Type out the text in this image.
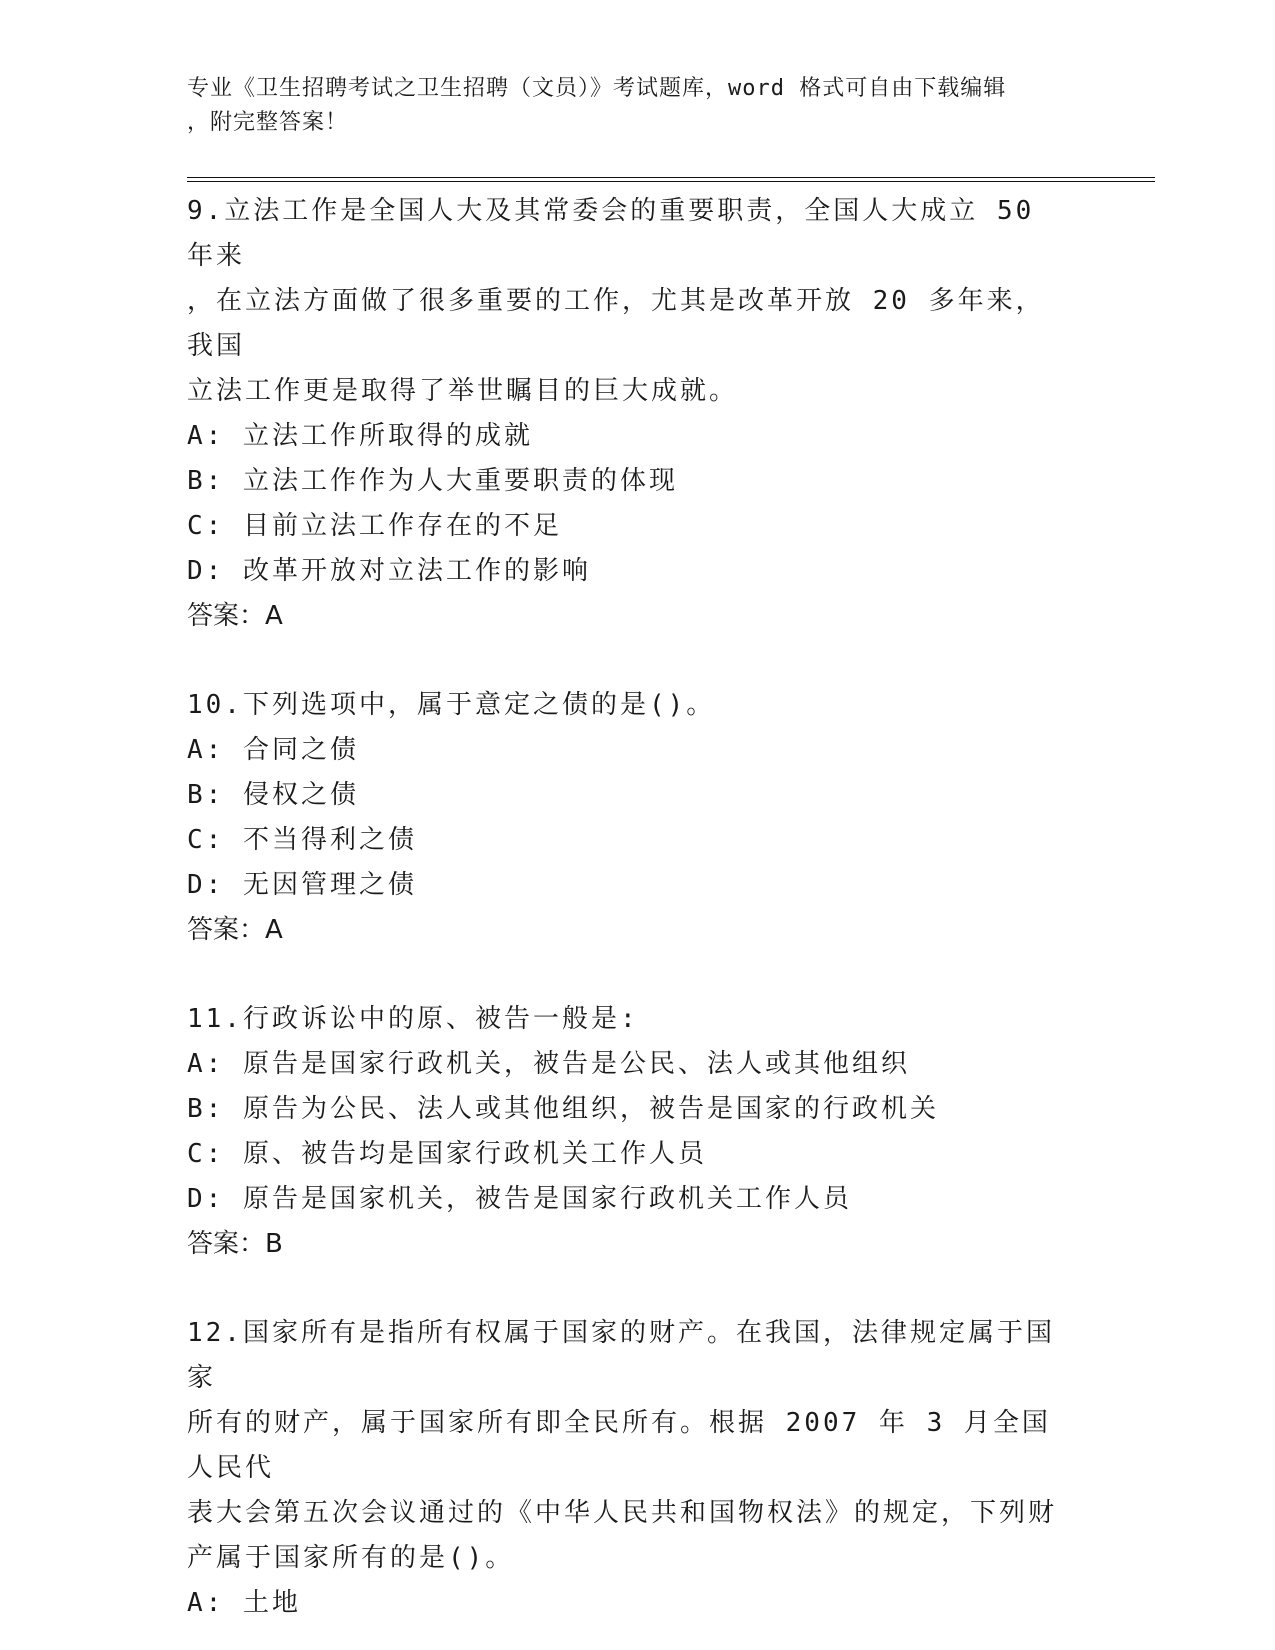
专业《卫生招聘考试之卫生招聘（文员）》考试题库，word 格式可自由下载编辑
，附完整答案！

9.立法工作是全国人大及其常委会的重要职责，全国人大成立 50 年来

，在立法方面做了很多重要的工作，尤其是改革开放 20 多年来，我国

立法工作更是取得了举世瞩目的巨大成就。

A: 立法工作所取得的成就

B: 立法工作作为人大重要职责的体现

C: 目前立法工作存在的不足

D: 改革开放对立法工作的影响

答案：A

10.下列选项中，属于意定之债的是()。

A: 合同之债

B: 侵权之债

C: 不当得利之债

D: 无因管理之债

答案：A

11.行政诉讼中的原、被告一般是:

A: 原告是国家行政机关，被告是公民、法人或其他组织

B: 原告为公民、法人或其他组织，被告是国家的行政机关

C: 原、被告均是国家行政机关工作人员

D: 原告是国家机关，被告是国家行政机关工作人员

答案：B

12.国家所有是指所有权属于国家的财产。在我国，法律规定属于国家

所有的财产，属于国家所有即全民所有。根据 2007 年 3 月全国人民代

表大会第五次会议通过的《中华人民共和国物权法》的规定，下列财

产属于国家所有的是()。

A: 土地
